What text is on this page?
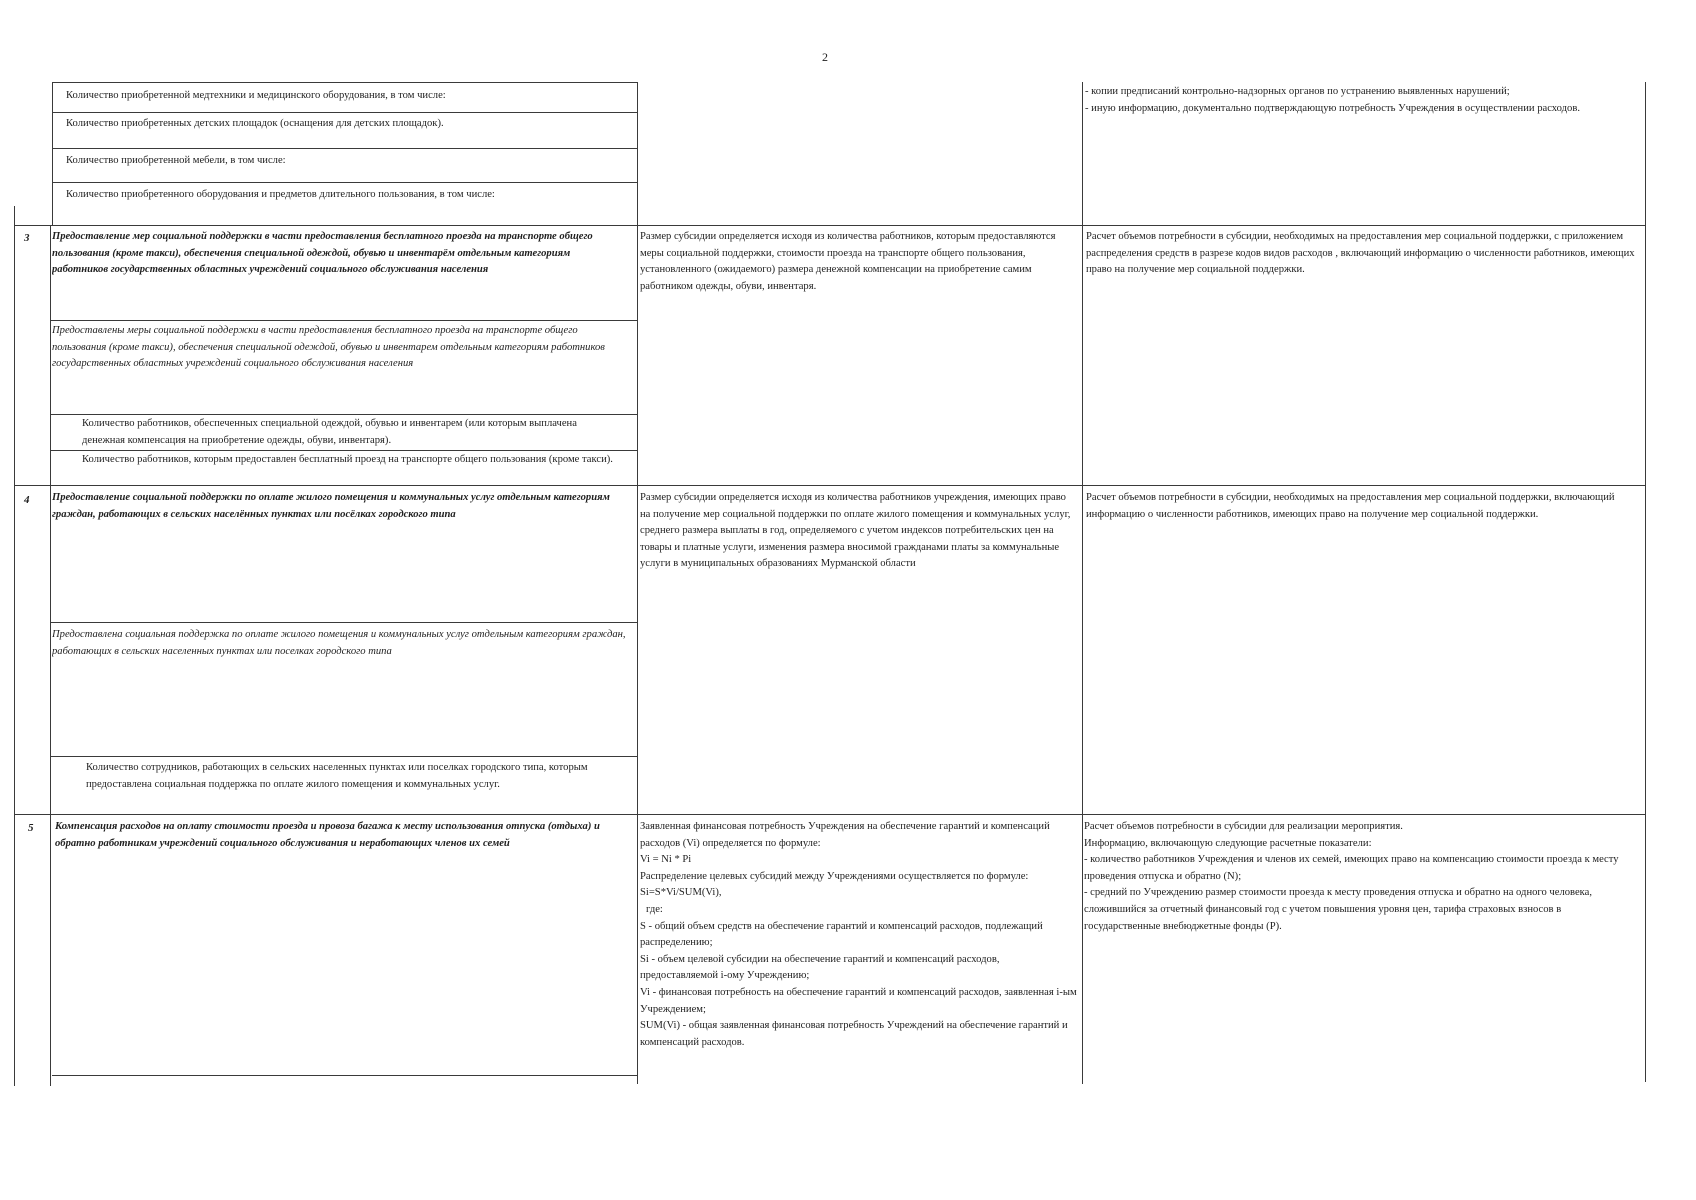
2
Количество приобретенной медтехники и медицинского оборудования, в том числе:
Количество приобретенных детских площадок (оснащения для детских площадок).
Количество приобретенной мебели, в том числе:
Количество приобретенного оборудования и предметов длительного пользования, в том числе:
- копии предписаний контрольно-надзорных органов по устранению выявленных нарушений;
- иную информацию, документально подтверждающую потребность Учреждения в осуществлении расходов.
3 Предоставление мер социальной поддержки в части предоставления бесплатного проезда на транспорте общего пользования (кроме такси), обеспечения специальной одеждой, обувью и инвентарём отдельным категориям работников государственных областных учреждений социального обслуживания населения
Предоставлены меры социальной поддержки в части предоставления бесплатного проезда на транспорте общего пользования (кроме такси), обеспечения специальной одеждой, обувью и инвентарем отдельным категориям работников государственных областных учреждений социального обслуживания населения
Количество работников, обеспеченных специальной одеждой, обувью и инвентарем (или которым выплачена денежная компенсация на приобретение одежды, обуви, инвентаря).
Количество работников, которым предоставлен бесплатный проезд на транспорте общего пользования (кроме такси).
Размер субсидии определяется исходя из количества работников, которым предоставляются меры социальной поддержки, стоимости проезда на транспорте общего пользования, установленного (ожидаемого) размера денежной компенсации на приобретение самим работником одежды, обуви, инвентаря.
Расчет объемов потребности в субсидии, необходимых на предоставления мер социальной поддержки, с приложением распределения средств в разрезе кодов видов расходов , включающий информацию о численности работников, имеющих право на получение мер социальной поддержки.
4 Предоставление социальной поддержки по оплате жилого помещения и коммунальных услуг отдельным категориям граждан, работающих в сельских населённых пунктах или посёлках городского типа
Предоставлена социальная поддержка по оплате жилого помещения и коммунальных услуг отдельным категориям граждан, работающих в сельских населенных пунктах или поселках городского типа
Количество сотрудников, работающих в сельских населенных пунктах или поселках городского типа, которым предоставлена социальная поддержка по оплате жилого помещения и коммунальных услуг.
Размер субсидии определяется исходя из количества работников учреждения, имеющих право на получение мер социальной поддержки по оплате жилого помещения и коммунальных услуг, среднего размера выплаты в год, определяемого с учетом индексов потребительских цен на товары и платные услуги, изменения размера вносимой гражданами платы за коммунальные услуги в муниципальных образованиях Мурманской области
Расчет объемов потребности в субсидии, необходимых на предоставления мер социальной поддержки, включающий информацию о численности работников, имеющих право на получение мер социальной поддержки.
5 Компенсация расходов на оплату стоимости проезда и провоза багажа к месту использования отпуска (отдыха) и обратно работникам учреждений социального обслуживания и неработающих членов их семей
Заявленная финансовая потребность Учреждения на обеспечение гарантий и компенсаций расходов (Vi) определяется по формуле:
Vi = Ni * Pi
Распределение целевых субсидий между Учреждениями осуществляется по формуле:        Si=S*Vi/SUM(Vi),
где:
S - общий объем средств на обеспечение гарантий и компенсаций расходов, подлежащий распределению;
Si - объем целевой субсидии на обеспечение гарантий и компенсаций расходов, предоставляемой i-ому Учреждению;
Vi - финансовая потребность на обеспечение гарантий и компенсаций расходов, заявленная i-ым Учреждением;
SUM(Vi) - общая заявленная финансовая потребность Учреждений на обеспечение гарантий и компенсаций расходов.
Расчет объемов потребности в субсидии для реализации мероприятия.
Информацию, включающую следующие расчетные показатели:
- количество работников Учреждения и членов их семей, имеющих право на компенсацию стоимости проезда к месту проведения отпуска и обратно (N);
- средний по Учреждению размер стоимости проезда к месту проведения отпуска и обратно на одного человека, сложившийся за отчетный финансовый год с учетом повышения уровня цен, тарифа страховых взносов в государственные внебюджетные фонды (P).
